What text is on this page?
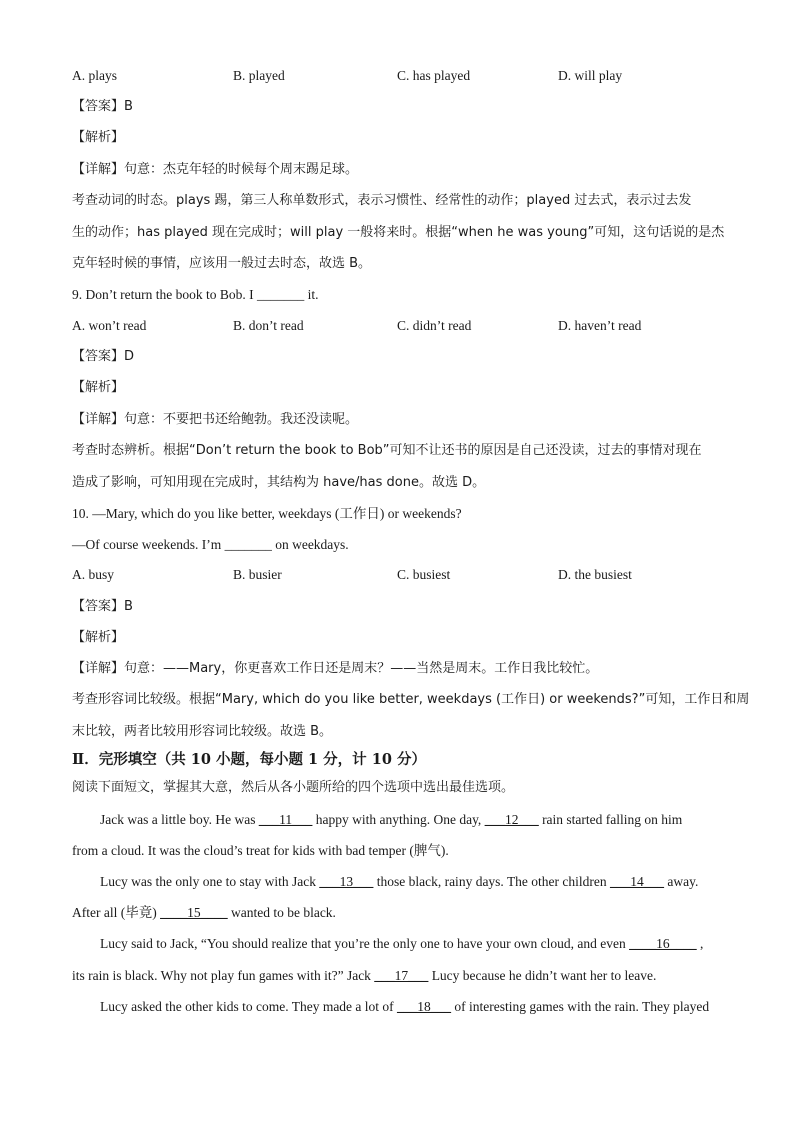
A. plays	B. played	C. has played	D. will play
【答案】B
【解析】
【详解】句意：杰克年轻的时候每个周末踢足球。
考查动词的时态。plays 踢，第三人称单数形式，表示习惯性、经常性的动作；played 过去式，表示过去发
生的动作；has played 现在完成时；will play 一般将来时。根据“when he was young”可知，这句话说的是杰
克年轻时候的事情，应该用一般过去时态，故选 B。
9. Don’t return the book to Bob. I _______ it.
A. won’t read	B. don’t read	C. didn’t read	D. haven’t read
【答案】D
【解析】
【详解】句意：不要把书还给鲍勃。我还没读呢。
考查时态辨析。根据“Don’t return the book to Bob”可知不让还书的原因是自己还没读，过去的事情对现在
造成了影响，可知用现在完成时，其结构为 have/has done。故选 D。
10. —Mary, which do you like better, weekdays (工作日) or weekends?
—Of course weekends. I’m _______ on weekdays.
A. busy	B. busier	C. busiest	D. the busiest
【答案】B
【解析】
【详解】句意：——Mary，你更喜欢工作日还是周末？——当然是周末。工作日我比较忙。
考查形容词比较级。根据“Mary, which do you like better, weekdays (工作日) or weekends?”可知，工作日和周
末比较，两者比较用形容词比较级。故选 B。
Ⅱ．完形填空（共 10 小题，每小题 1 分，计 10 分）
阅读下面短文，掌握其大意，然后从各小题所给的四个选项中选出最佳选项。
Jack was a little boy. He was ___11___ happy with anything. One day, ___12___ rain started falling on him
from a cloud. It was the cloud’s treat for kids with bad temper (脾气).
Lucy was the only one to stay with Jack ___13___ those black, rainy days. The other children ___14___ away.
After all (毕竟) ____15____ wanted to be black.
Lucy said to Jack, “You should realize that you’re the only one to have your own cloud, and even ____16____ ,
its rain is black. Why not play fun games with it?” Jack ___17___ Lucy because he didn’t want her to leave.
Lucy asked the other kids to come. They made a lot of ___18___ of interesting games with the rain. They played
